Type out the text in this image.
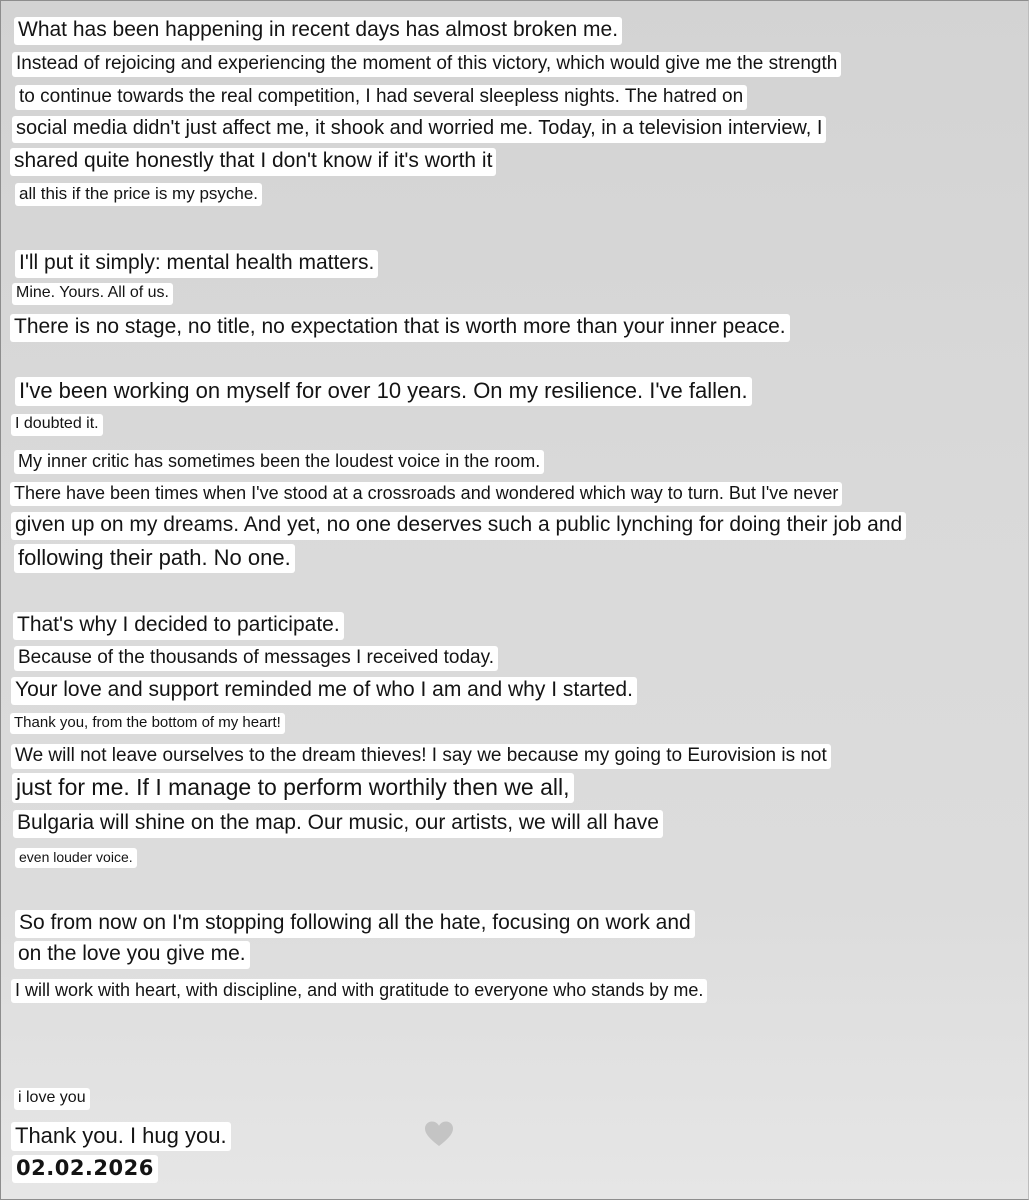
What has been happening in recent days has almost broken me.
Instead of rejoicing and experiencing the moment of this victory, which would give me the strength
to continue towards the real competition, I had several sleepless nights. The hatred on
social media didn't just affect me, it shook and worried me. Today, in a television interview, I
shared quite honestly that I don't know if it's worth it
all this if the price is my psyche.
I'll put it simply: mental health matters.
Mine. Yours. All of us.
There is no stage, no title, no expectation that is worth more than your inner peace.
I've been working on myself for over 10 years. On my resilience. I've fallen.
I doubted it.
My inner critic has sometimes been the loudest voice in the room.
There have been times when I've stood at a crossroads and wondered which way to turn. But I've never
given up on my dreams. And yet, no one deserves such a public lynching for doing their job and
following their path. No one.
That's why I decided to participate.
Because of the thousands of messages I received today.
Your love and support reminded me of who I am and why I started.
Thank you, from the bottom of my heart!
We will not leave ourselves to the dream thieves! I say we because my going to Eurovision is not
just for me. If I manage to perform worthily then we all,
Bulgaria will shine on the map. Our music, our artists, we will all have
even louder voice.
So from now on I'm stopping following all the hate, focusing on work and
on the love you give me.
I will work with heart, with discipline, and with gratitude to everyone who stands by me.
i love you
Thank you. I hug you.
02.02.2026
